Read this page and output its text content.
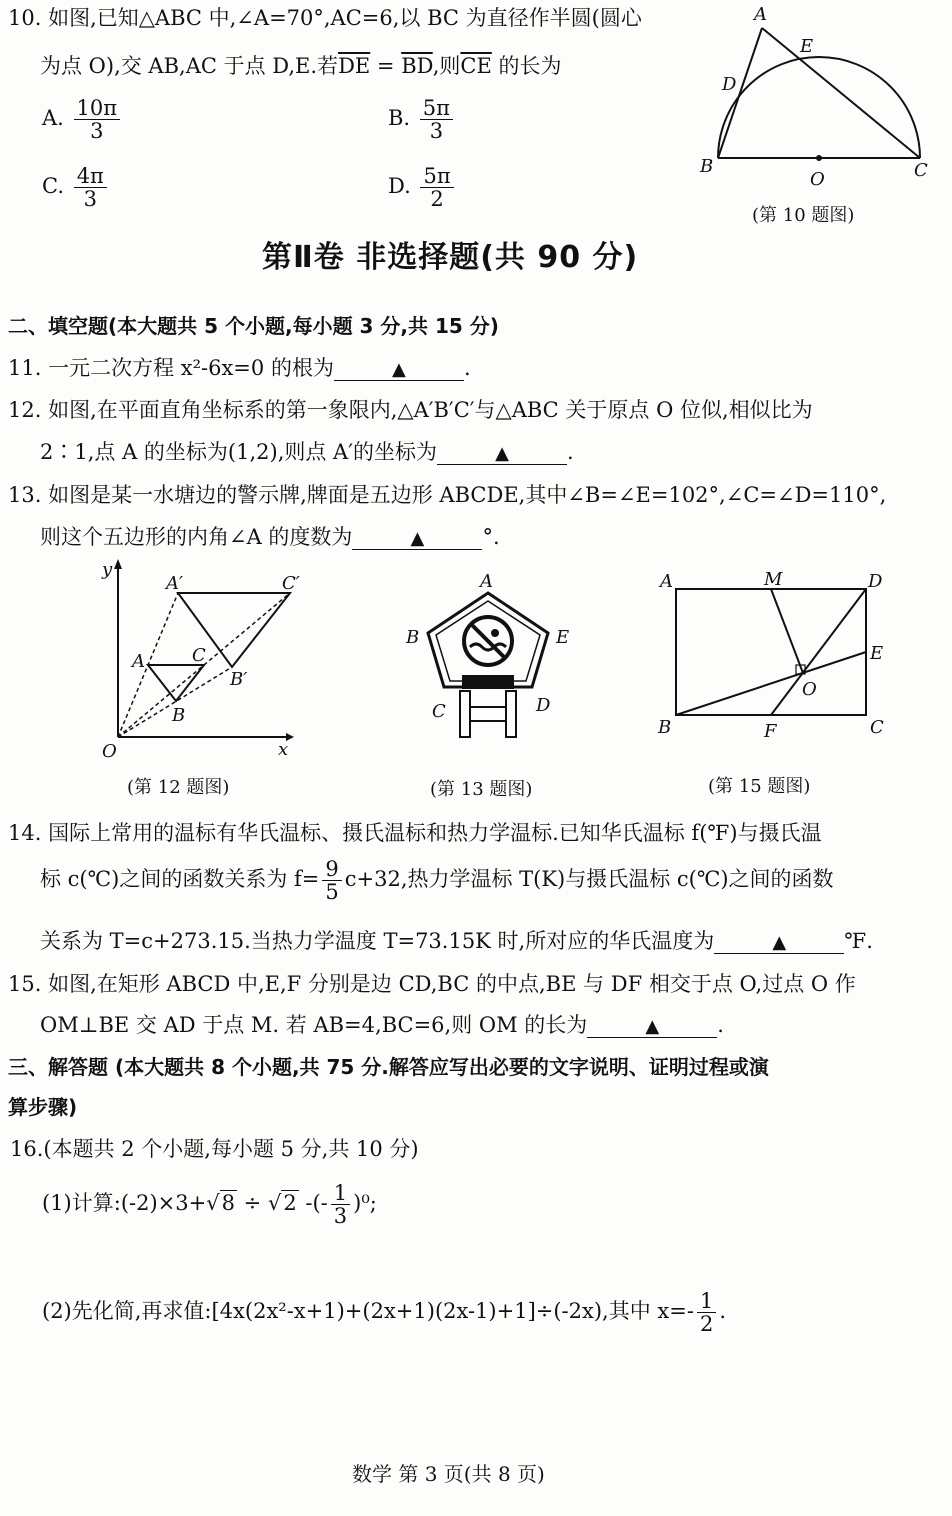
10. 如图,已知△ABC 中,∠A=70°,AC=6,以 BC 为直径作半圆(圆心
为点 O),交 AB,AC 于点 D,E.若$\overline{DE} = \overline{BD}$,则$\overline{CE}$ 的长为
A. $\frac{10\pi}{3}$	B. $\frac{5\pi}{3}$
C. $\frac{4\pi}{3}$	D. $\frac{5\pi}{2}$
A
E
D
B
O	C
(第 10 题图)
第Ⅱ卷 非选择题(共 90 分)
二、填空题(本大题共 5 个小题,每小题 3 分,共 15 分)
11. 一元二次方程 x²-6x=0 的根为	▲	.
12. 如图,在平面直角坐标系的第一象限内,△A′B′C′与△ABC 关于原点 O 位似,相似比为
2∶1,点 A 的坐标为(1,2),则点 A′的坐标为	▲	.
13. 如图是某一水塘边的警示牌,牌面是五边形 ABCDE,其中∠B=∠E=102°,∠C=∠D=110°,
则这个五边形的内角∠A 的度数为	▲	°.
y
x
O
A′	C′
B′
A	C
B
(第 12 题图)
A
B	E
C	D
(第 13 题图)
A	M	D
E
O
B	F	C
(第 15 题图)
14. 国际上常用的温标有华氏温标、摄氏温标和热力学温标.已知华氏温标 f(℉)与摄氏温
标 c(℃)之间的函数关系为 $f= \frac{9}{5} c+32$,热力学温标 T(K)与摄氏温标 c(℃)之间的函数
关系为 T=c+273.15.当热力学温度 T=73.15K 时,所对应的华氏温度为	▲	℉.
15. 如图,在矩形 ABCD 中,E,F 分别是边 CD,BC 的中点,BE 与 DF 相交于点 O,过点 O 作
OM⊥BE 交 AD 于点 M. 若 AB=4,BC=6,则 OM 的长为	▲	.
三、解答题 (本大题共 8 个小题,共 75 分.解答应写出必要的文字说明、证明过程或演
算步骤)
16.(本题共 2 个小题,每小题 5 分,共 10 分)
(1)计算:(-2)×3+√8 ÷ √2 -(- $\frac{1}{3} )^0$;
(2)先化简,再求值:[4x(2x²-x+1)+(2x+1)(2x-1)+1]÷(-2x),其中 $x=- \frac{1}{2}$ .
数学 第 3 页(共 8 页)
